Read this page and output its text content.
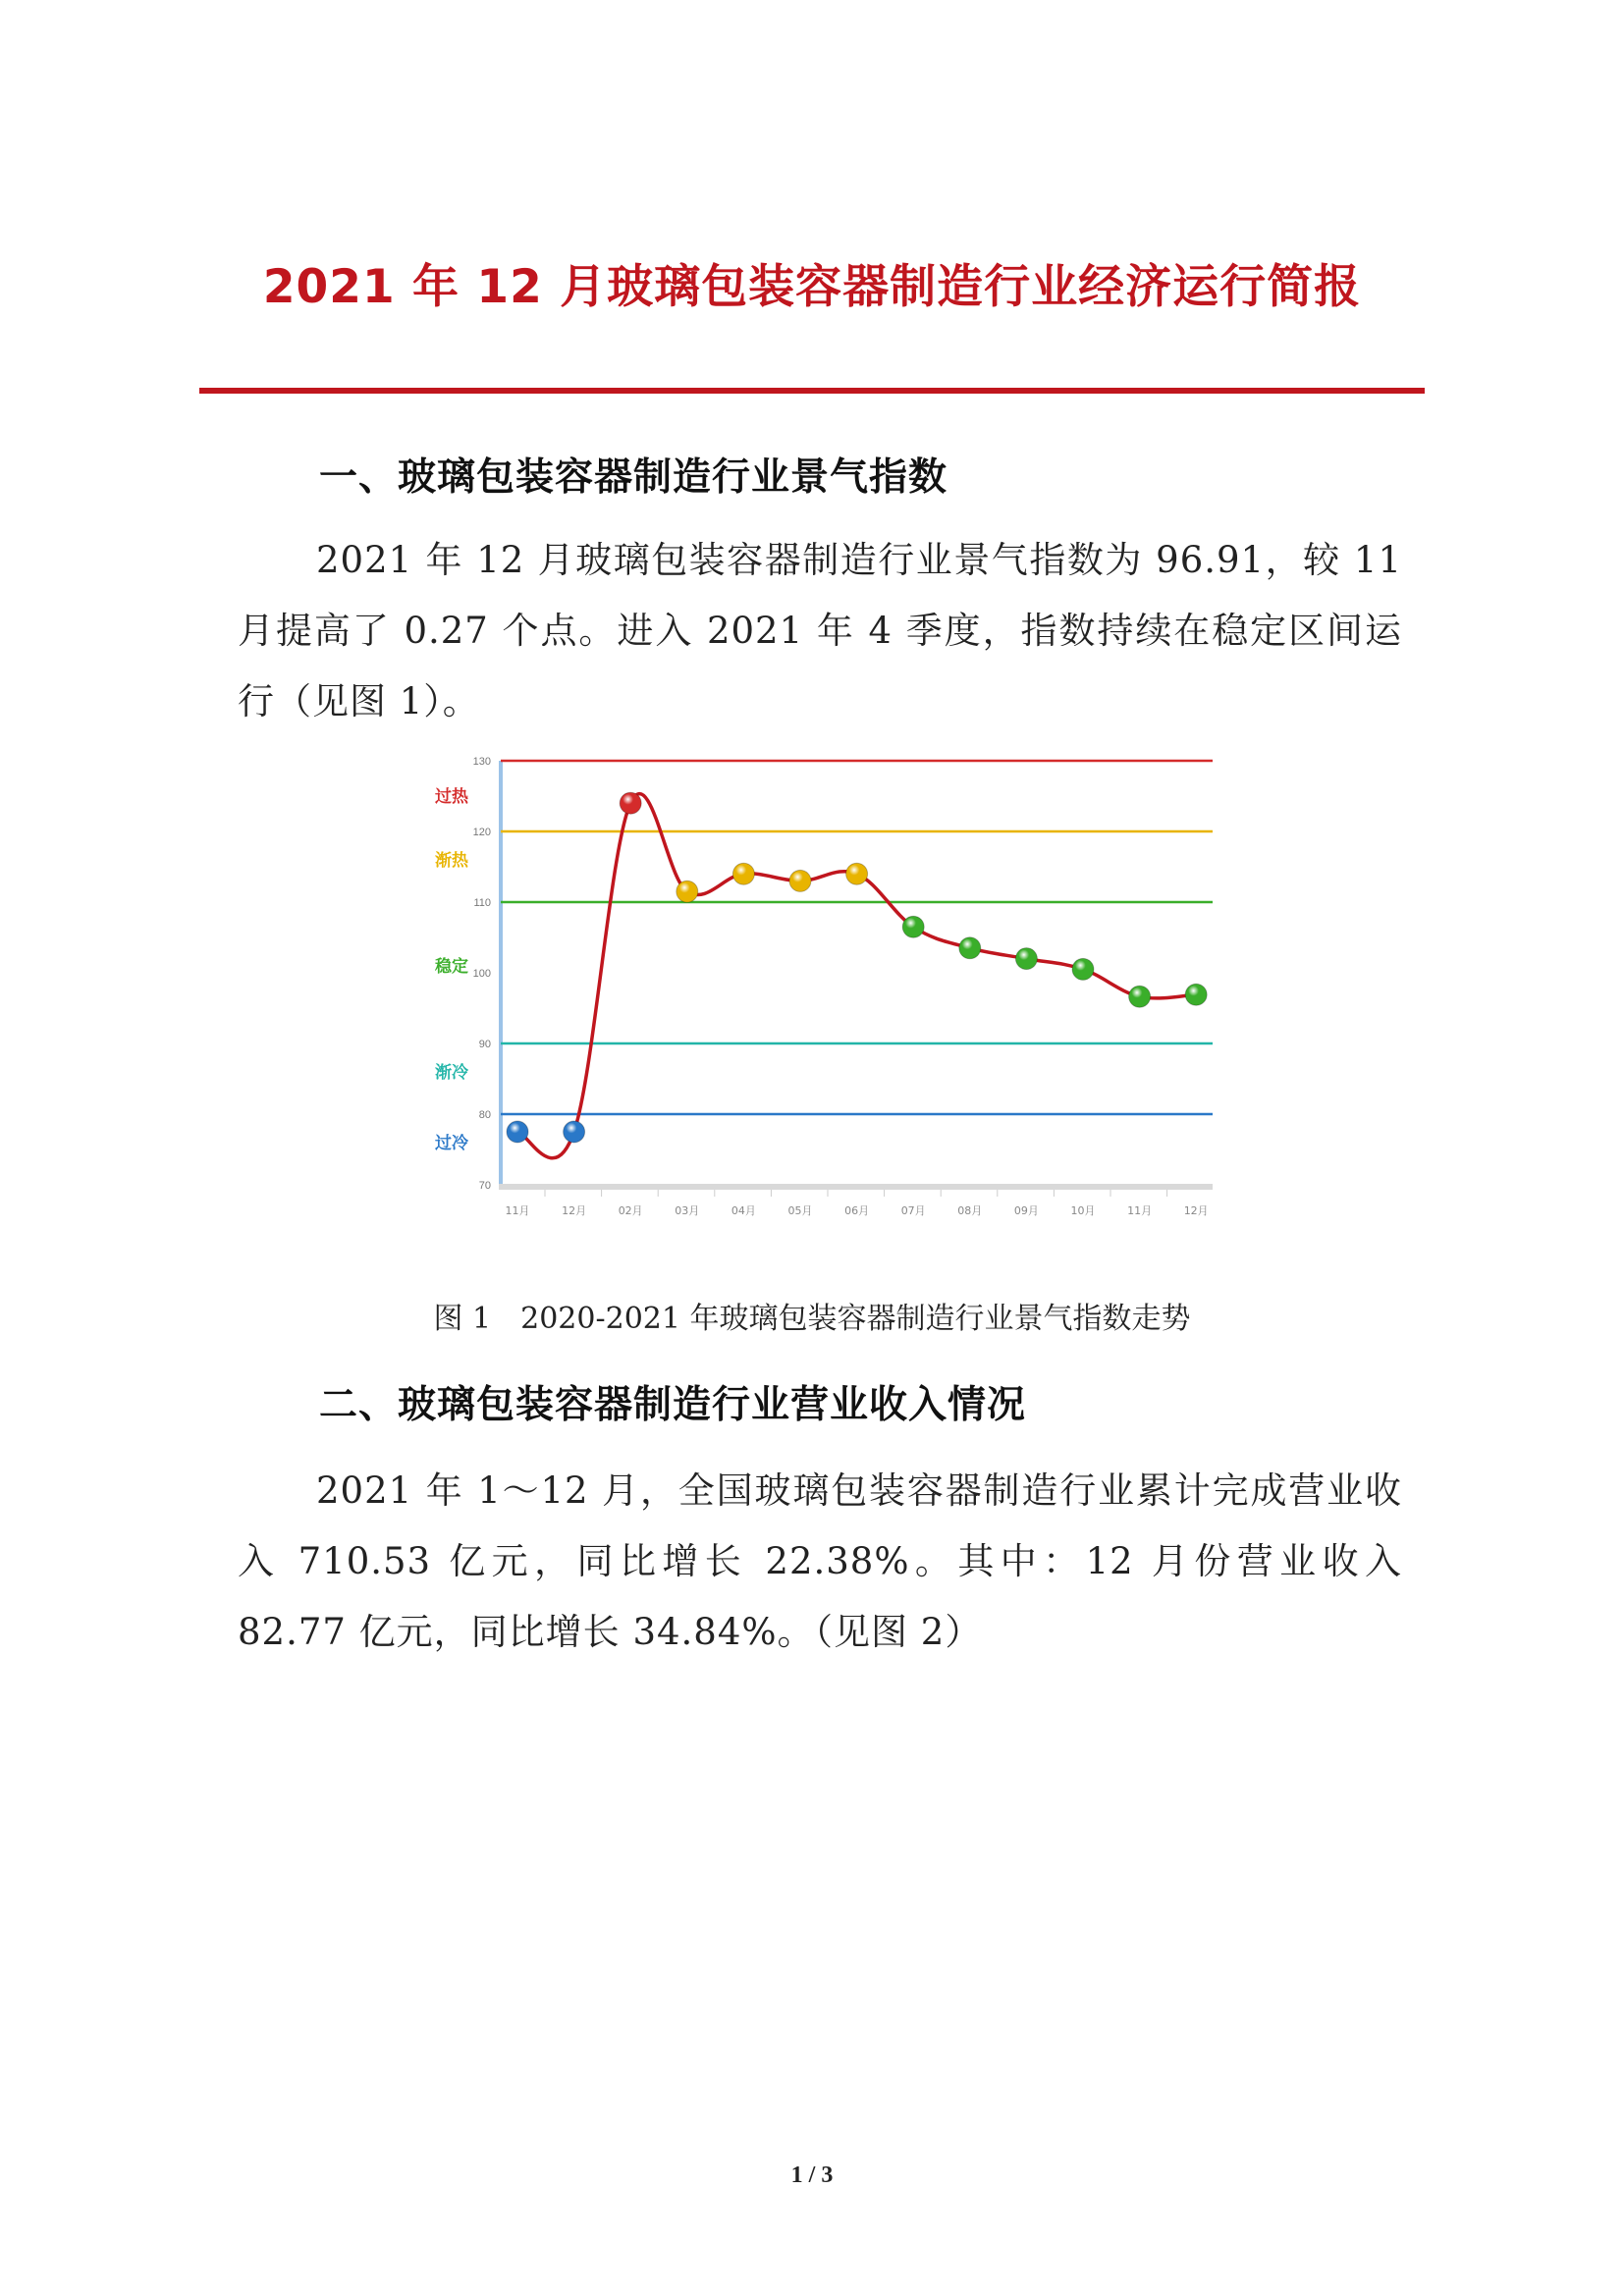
2021 年 12 月玻璃包装容器制造行业经济运行简报
一、玻璃包装容器制造行业景气指数
2021 年 12 月玻璃包装容器制造行业景气指数为 96.91，较 11 月提高了 0.27 个点。进入 2021 年 4 季度，指数持续在稳定区间运行（见图 1）。
70
80
90
100
110
120
130
过热
渐热
稳定
渐冷
过冷
11月	12月	02月	03月	04月	05月	06月	07月	08月	09月	10月	11月	12月
图 1 2020-2021 年玻璃包装容器制造行业景气指数走势
二、玻璃包装容器制造行业营业收入情况
2021 年 1～12 月，全国玻璃包装容器制造行业累计完成营业收入 710.53 亿元，同比增长 22.38%。其中：12 月份营业收入 82.77 亿元，同比增长 34.84%。（见图 2）
1 / 3
